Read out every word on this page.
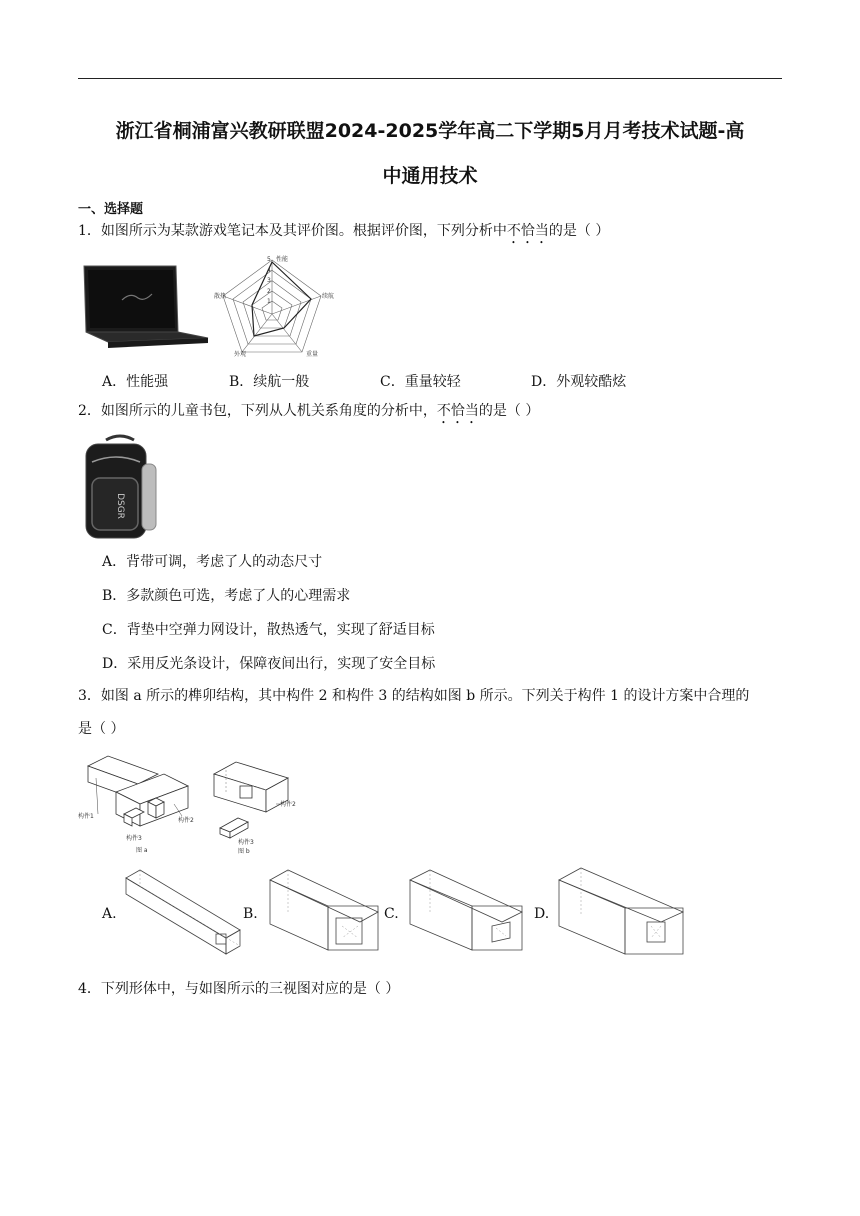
浙江省桐浦富兴教研联盟2024-2025学年高二下学期5月月考技术试题-高
中通用技术
一、选择题
1．如图所示为某款游戏笔记本及其评价图。根据评价图，下列分析中不恰当的是（ ）
性能
续航
重量
外观
散热
5
4
3
2
1
A．性能强	B．续航一般	C．重量较轻	D．外观较酷炫
2．如图所示的儿童书包，下列从人机关系角度的分析中，不恰当的是（ ）
DSGR
A．背带可调，考虑了人的动态尺寸
B．多款颜色可选，考虑了人的心理需求
C．背垫中空弹力网设计，散热透气，实现了舒适目标
D．采用反光条设计，保障夜间出行，实现了安全目标
3．如图 a 所示的榫卯结构，其中构件 2 和构件 3 的结构如图 b 所示。下列关于构件 1 的设计方案中合理的
是（ ）
构件1
构件2
构件3
图 a
构件2
构件3
图 b
A.	B.	C.	D.
4．下列形体中，与如图所示的三视图对应的是（ ）
